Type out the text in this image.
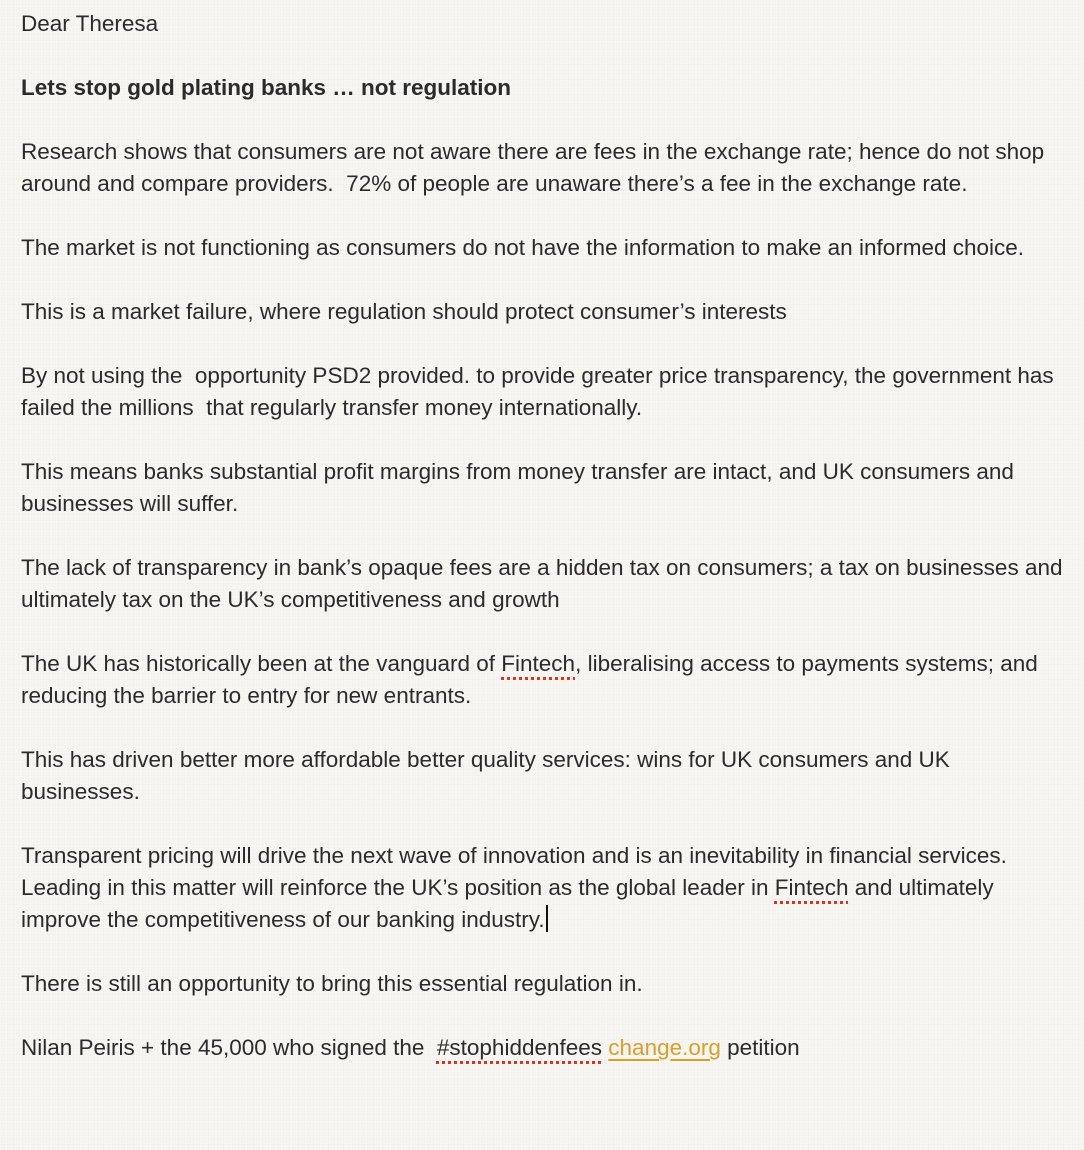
Dear Theresa

Lets stop gold plating banks … not regulation

Research shows that consumers are not aware there are fees in the exchange rate; hence do not shop around and compare providers.  72% of people are unaware there’s a fee in the exchange rate.

The market is not functioning as consumers do not have the information to make an informed choice.

This is a market failure, where regulation should protect consumer’s interests

By not using the  opportunity PSD2 provided. to provide greater price transparency, the government has failed the millions  that regularly transfer money internationally.

This means banks substantial profit margins from money transfer are intact, and UK consumers and businesses will suffer.

The lack of transparency in bank’s opaque fees are a hidden tax on consumers; a tax on businesses and ultimately tax on the UK’s competitiveness and growth

The UK has historically been at the vanguard of Fintech, liberalising access to payments systems; and reducing the barrier to entry for new entrants.

This has driven better more affordable better quality services: wins for UK consumers and UK businesses.

Transparent pricing will drive the next wave of innovation and is an inevitability in financial services.   Leading in this matter will reinforce the UK’s position as the global leader in Fintech and ultimately improve the competitiveness of our banking industry.

There is still an opportunity to bring this essential regulation in.

Nilan Peiris + the 45,000 who signed the  #stophiddenfees change.org petition
